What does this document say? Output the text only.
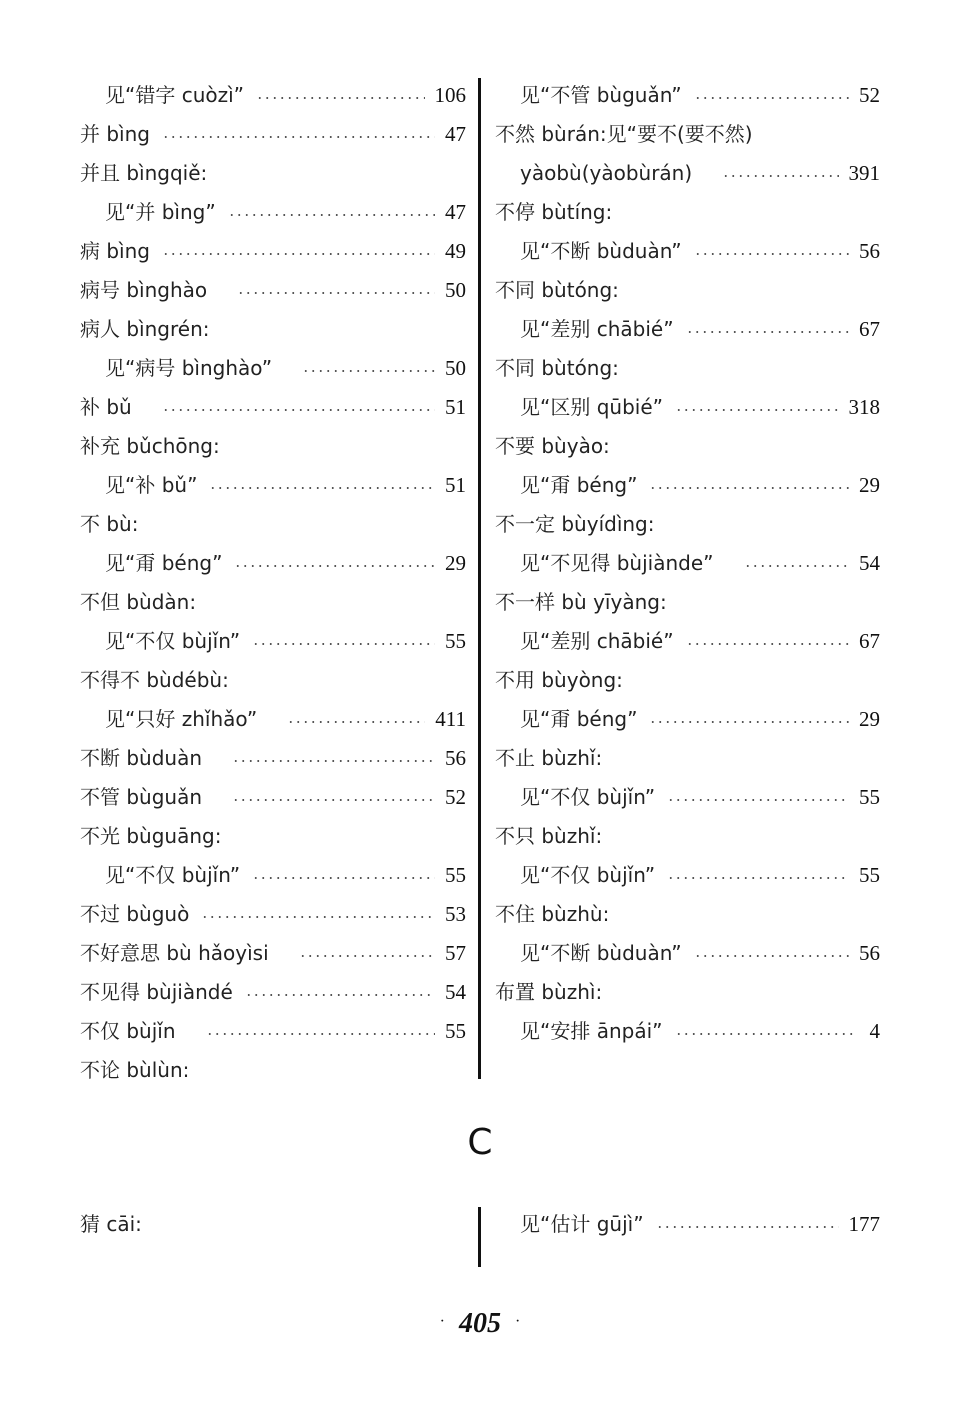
见“错字 cuòzì”	106
并 bìng	47
并且 bìngqiě:
见“并 bìng”	47
病 bìng	49
病号 bìnghào	50
病人 bìngrén:
见“病号 bìnghào”	50
补 bǔ	51
补充 bǔchōng:
见“补 bǔ”	51
不 bù:
见“甭 béng”	29
不但 bùdàn:
见“不仅 bùjǐn”	55
不得不 bùdébù:
见“只好 zhǐhǎo”	411
不断 bùduàn	56
不管 bùguǎn	52
不光 bùguāng:
见“不仅 bùjǐn”	55
不过 bùguò	53
不好意思 bù hǎoyìsi	57
不见得 bùjiàndé	54
不仅 bùjǐn	55
不论 bùlùn:
见“不管 bùguǎn”	52
不然 bùrán:见“要不(要不然)
yàobù(yàobùrán)	391
不停 bùtíng:
见“不断 bùduàn”	56
不同 bùtóng:
见“差别 chābié”	67
不同 bùtóng:
见“区别 qūbié”	318
不要 bùyào:
见“甭 béng”	29
不一定 bùyídìng:
见“不见得 bùjiànde”	54
不一样 bù yīyàng:
见“差别 chābié”	67
不用 bùyòng:
见“甭 béng”	29
不止 bùzhǐ:
见“不仅 bùjǐn”	55
不只 bùzhǐ:
见“不仅 bùjǐn”	55
不住 bùzhù:
见“不断 bùduàn”	56
布置 bùzhì:
见“安排 ānpái”	4
C
猜 cāi:	见“估计 gūjì”	177
· 405 ·
